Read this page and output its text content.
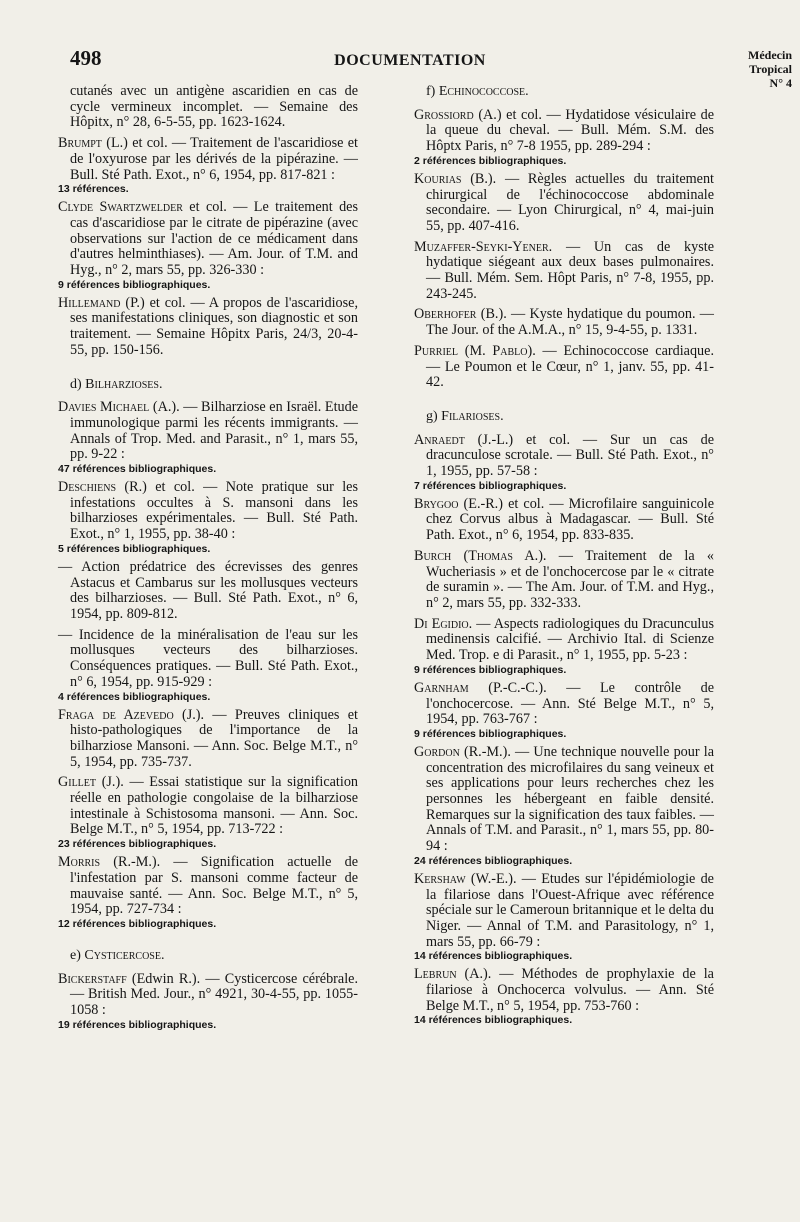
498	DOCUMENTATION	Médecin
Tropical
N° 4
cutanés avec un antigène ascaridien en cas de cycle vermineux incomplet. — Semaine des Hôpitx, n° 28, 6-5-55, pp. 1623-1624.
Brumpt (L.) et col. — Traitement de l'ascaridiose et de l'oxyurose par les dérivés de la pipérazine. — Bull. Sté Path. Exot., n° 6, 1954, pp. 817-821 :
13 références.
Clyde Swartzwelder et col. — Le traitement des cas d'ascaridiose par le citrate de pipérazine (avec observations sur l'action de ce médicament dans d'autres helminthiases). — Am. Jour. of T.M. and Hyg., n° 2, mars 55, pp. 326-330 :
9 références bibliographiques.
Hillemand (P.) et col. — A propos de l'ascaridiose, ses manifestations cliniques, son diagnostic et son traitement. — Semaine Hôpitx Paris, 24/3, 20-4-55, pp. 150-156.
d) Bilharzioses.
Davies Michael (A.). — Bilharziose en Israël. Etude immunologique parmi les récents immigrants. — Annals of Trop. Med. and Parasit., n° 1, mars 55, pp. 9-22 :
47 références bibliographiques.
Deschiens (R.) et col. — Note pratique sur les infestations occultes à S. mansoni dans les bilharzioses expérimentales. — Bull. Sté Path. Exot., n° 1, 1955, pp. 38-40 :
5 références bibliographiques.
— Action prédatrice des écrevisses des genres Astacus et Cambarus sur les mollusques vecteurs des bilharzioses. — Bull. Sté Path. Exot., n° 6, 1954, pp. 809-812.
— Incidence de la minéralisation de l'eau sur les mollusques vecteurs des bilharzioses. Conséquences pratiques. — Bull. Sté Path. Exot., n° 6, 1954, pp. 915-929 :
4 références bibliographiques.
Fraga de Azevedo (J.). — Preuves cliniques et histo-pathologiques de l'importance de la bilharziose Mansoni. — Ann. Soc. Belge M.T., n° 5, 1954, pp. 735-737.
Gillet (J.). — Essai statistique sur la signification réelle en pathologie congolaise de la bilharziose intestinale à Schistosoma mansoni. — Ann. Soc. Belge M.T., n° 5, 1954, pp. 713-722 :
23 références bibliographiques.
Morris (R.-M.). — Signification actuelle de l'infestation par S. mansoni comme facteur de mauvaise santé. — Ann. Soc. Belge M.T., n° 5, 1954, pp. 727-734 :
12 références bibliographiques.
e) Cysticercose.
Bickerstaff (Edwin R.). — Cysticercose cérébrale. — British Med. Jour., n° 4921, 30-4-55, pp. 1055-1058 :
19 références bibliographiques.
f) Echinococcose.
Grossiord (A.) et col. — Hydatidose vésiculaire de la queue du cheval. — Bull. Mém. S.M. des Hôptx Paris, n° 7-8 1955, pp. 289-294 :
2 références bibliographiques.
Kourias (B.). — Règles actuelles du traitement chirurgical de l'échinococcose abdominale secondaire. — Lyon Chirurgical, n° 4, mai-juin 55, pp. 407-416.
Muzaffer-Seyki-Yener. — Un cas de kyste hydatique siégeant aux deux bases pulmonaires. — Bull. Mém. Sem. Hôpt Paris, n° 7-8, 1955, pp. 243-245.
Oberhofer (B.). — Kyste hydatique du poumon. — The Jour. of the A.M.A., n° 15, 9-4-55, p. 1331.
Purriel (M. Pablo). — Echinococcose cardiaque. — Le Poumon et le Cœur, n° 1, janv. 55, pp. 41-42.
g) Filarioses.
Anraedt (J.-L.) et col. — Sur un cas de dracunculose scrotale. — Bull. Sté Path. Exot., n° 1, 1955, pp. 57-58 :
7 références bibliographiques.
Brygoo (E.-R.) et col. — Microfilaire sanguinicole chez Corvus albus à Madagascar. — Bull. Sté Path. Exot., n° 6, 1954, pp. 833-835.
Burch (Thomas A.). — Traitement de la « Wucheriasis » et de l'onchocercose par le « citrate de suramin ». — The Am. Jour. of T.M. and Hyg., n° 2, mars 55, pp. 332-333.
Di Egidio. — Aspects radiologiques du Dracunculus medinensis calcifié. — Archivio Ital. di Scienze Med. Trop. e di Parasit., n° 1, 1955, pp. 5-23 :
9 références bibliographiques.
Garnham (P.-C.-C.). — Le contrôle de l'onchocercose. — Ann. Sté Belge M.T., n° 5, 1954, pp. 763-767 :
9 références bibliographiques.
Gordon (R.-M.). — Une technique nouvelle pour la concentration des microfilaires du sang veineux et ses applications pour leurs recherches chez les personnes les hébergeant en faible densité. Remarques sur la signification des taux faibles. — Annals of T.M. and Parasit., n° 1, mars 55, pp. 80-94 :
24 références bibliographiques.
Kershaw (W.-E.). — Etudes sur l'épidémiologie de la filariose dans l'Ouest-Afrique avec référence spéciale sur le Cameroun britannique et le delta du Niger. — Annal of T.M. and Parasitology, n° 1, mars 55, pp. 66-79 :
14 références bibliographiques.
Lebrun (A.). — Méthodes de prophylaxie de la filariose à Onchocerca volvulus. — Ann. Sté Belge M.T., n° 5, 1954, pp. 753-760 :
14 références bibliographiques.
